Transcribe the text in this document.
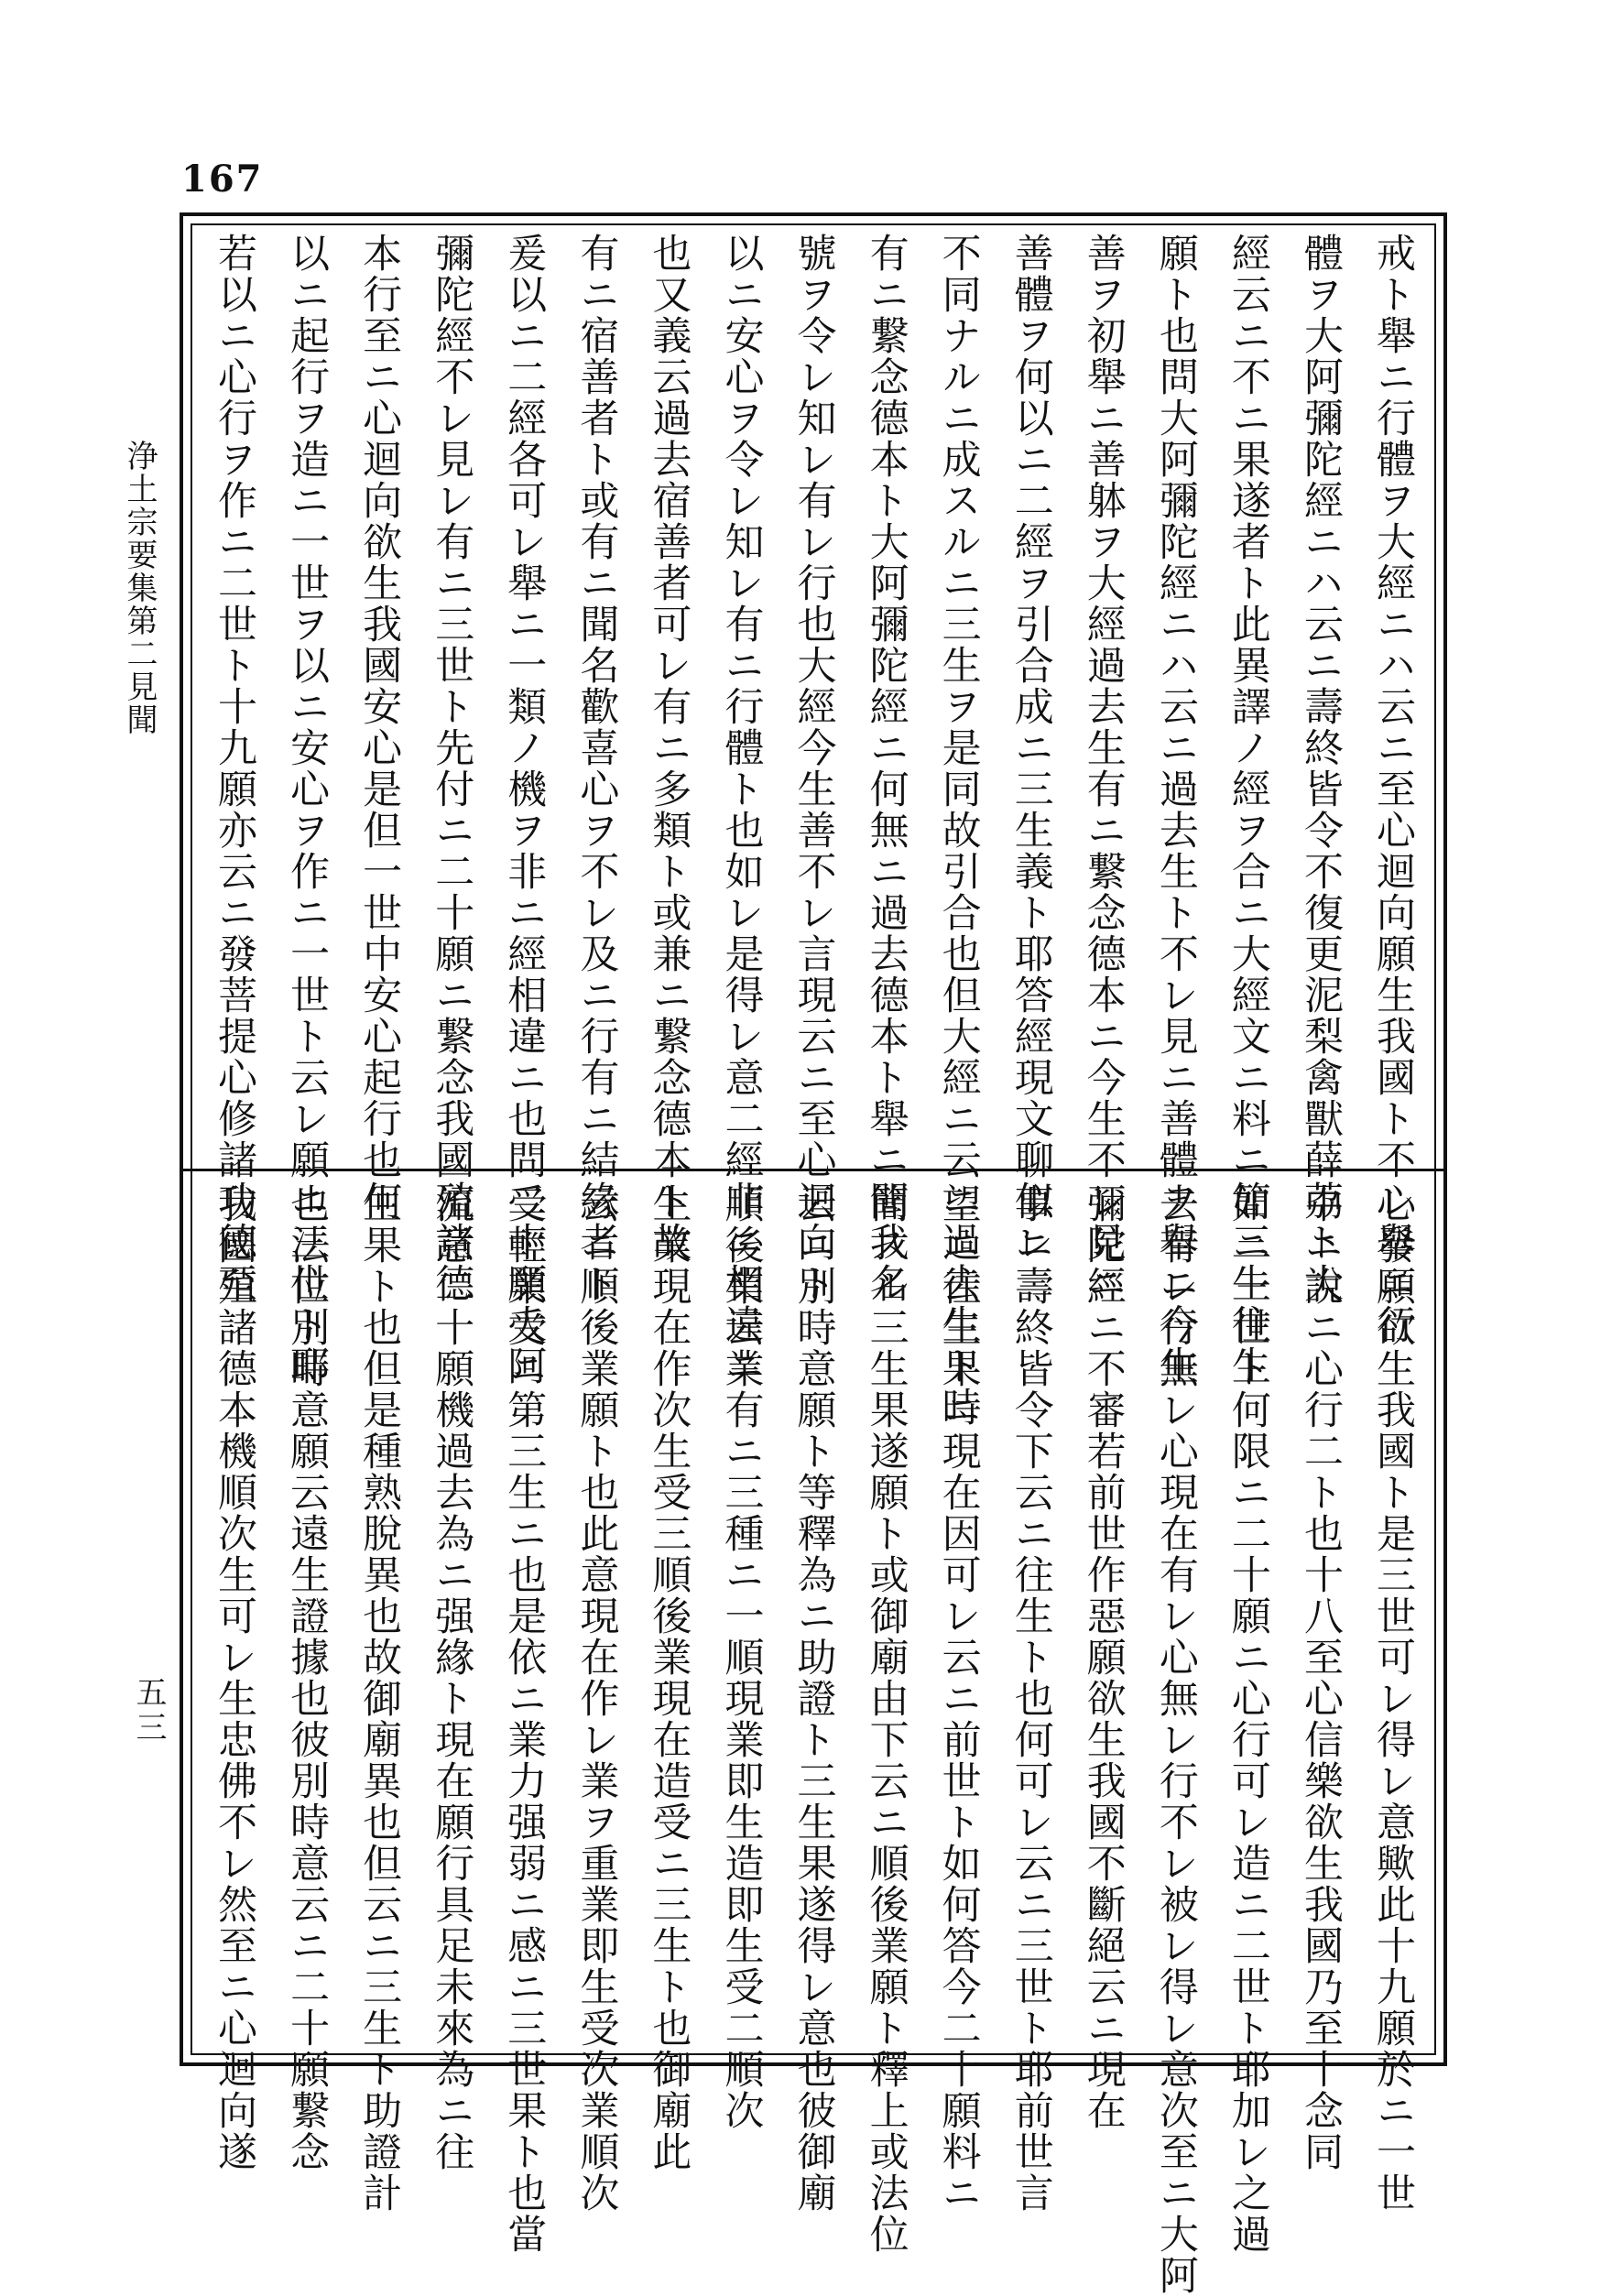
167
浄土宗要集第二見聞
五三
戒ト舉ニ行體ヲ大經ニハ云ニ至心迴向願生我國ト不レ舉ニ行
體ヲ大阿彌陀經ニハ云ニ壽終皆令不復更泥梨禽獸薛荔ト大
經云ニ不ニ果遂者ト此異譯ノ經ヲ合ニ大經文ニ料ニ簡三生往生
願ト也問大阿彌陀經ニハ云ニ過去生ト不レ見ニ善體ヲ舉ニ今生
善ヲ初舉ニ善躰ヲ大經過去生有ニ繋念德本ニ今生不レ見ニ
善體ヲ何以ニ二經ヲ引合成ニ三生義ト耶答經現文聊似レ
不同ナルニ成スルニ三生ヲ是同故引合也但大經ニ云ニ過去生ト時
有ニ繋念德本ト大阿彌陀經ニ何無ニ過去德本ト舉ニ聞我名
號ヲ令レ知レ有レ行也大經今生善不レ言現云ニ至心迴向ト
以ニ安心ヲ令レ知レ有ニ行體ト也如レ是得レ意二經非ニ相違ニ
也又義云過去宿善者可レ有ニ多類ト或兼ニ繋念德本ト故
有ニ宿善者ト或有ニ聞名歡喜心ヲ不レ及ニ行有ニ結緣者ト
爰以ニ二經各可レ舉ニ一類ノ機ヲ非ニ經相違ニ也問二十願大阿
彌陀經不レ見レ有ニ三世ト先付ニ二十願ニ繋念我國殖諸德
本行至ニ心迴向欲生我國安心是但一世中安心起行也何
以ニ起行ヲ造ニ一世ヲ以ニ安心ヲ作ニ一世ト云レ願ニ三世ト耶
若以ニ心行ヲ作ニ二世ト十九願亦云ニ發菩提心修諸功德至
心發願欲生我國ト是三世可レ得レ意歟此十九願於ニ一世
中ニ說ニ心行二ト也十八至心信樂欲生我國乃至十念同
如ニ一世ト何限ニ二十願ニ心行可レ造ニ二世ト耶加レ之過
去有レ行無レ心現在有レ心無レ行不レ被レ得レ意次至ニ大阿
彌陀經ニ不審若前世作惡願欲生我國不斷絕云ニ現在
事ニ壽終皆令下云ニ往生ト也何可レ云ニ三世ト耶前世言
望ニ往生果ニ現在因可レ云ニ前世ト如何答今二十願料ニ
簡スル三生果遂願ト或御廟由下云ニ順後業願ト釋上或法位
云ニ別時意願ト等釋為ニ助證ト三生果遂得レ意也彼御廟
順後業云業有ニ三種ニ一順現業即生造即生受二順次
生業現在作次生受三順後業現在造受ニ三生ト也御廟此
云ニ順後業願ト也此意現在作レ業ヲ重業即生受次業順次
受輕業受ニ第三生ニ也是依ニ業力强弱ニ感ニ三世果ト也當
流意二十願機過去為ニ强緣ト現在願行具足未來為ニ往
生果ト也但是種熟脫異也故御廟異也但云ニ三生ト助證計
也法位別時意願云遠生證據也彼別時意云ニ二十願繋念
我國殖諸德本機順次生可レ生忠佛不レ然至ニ心迴向遂
